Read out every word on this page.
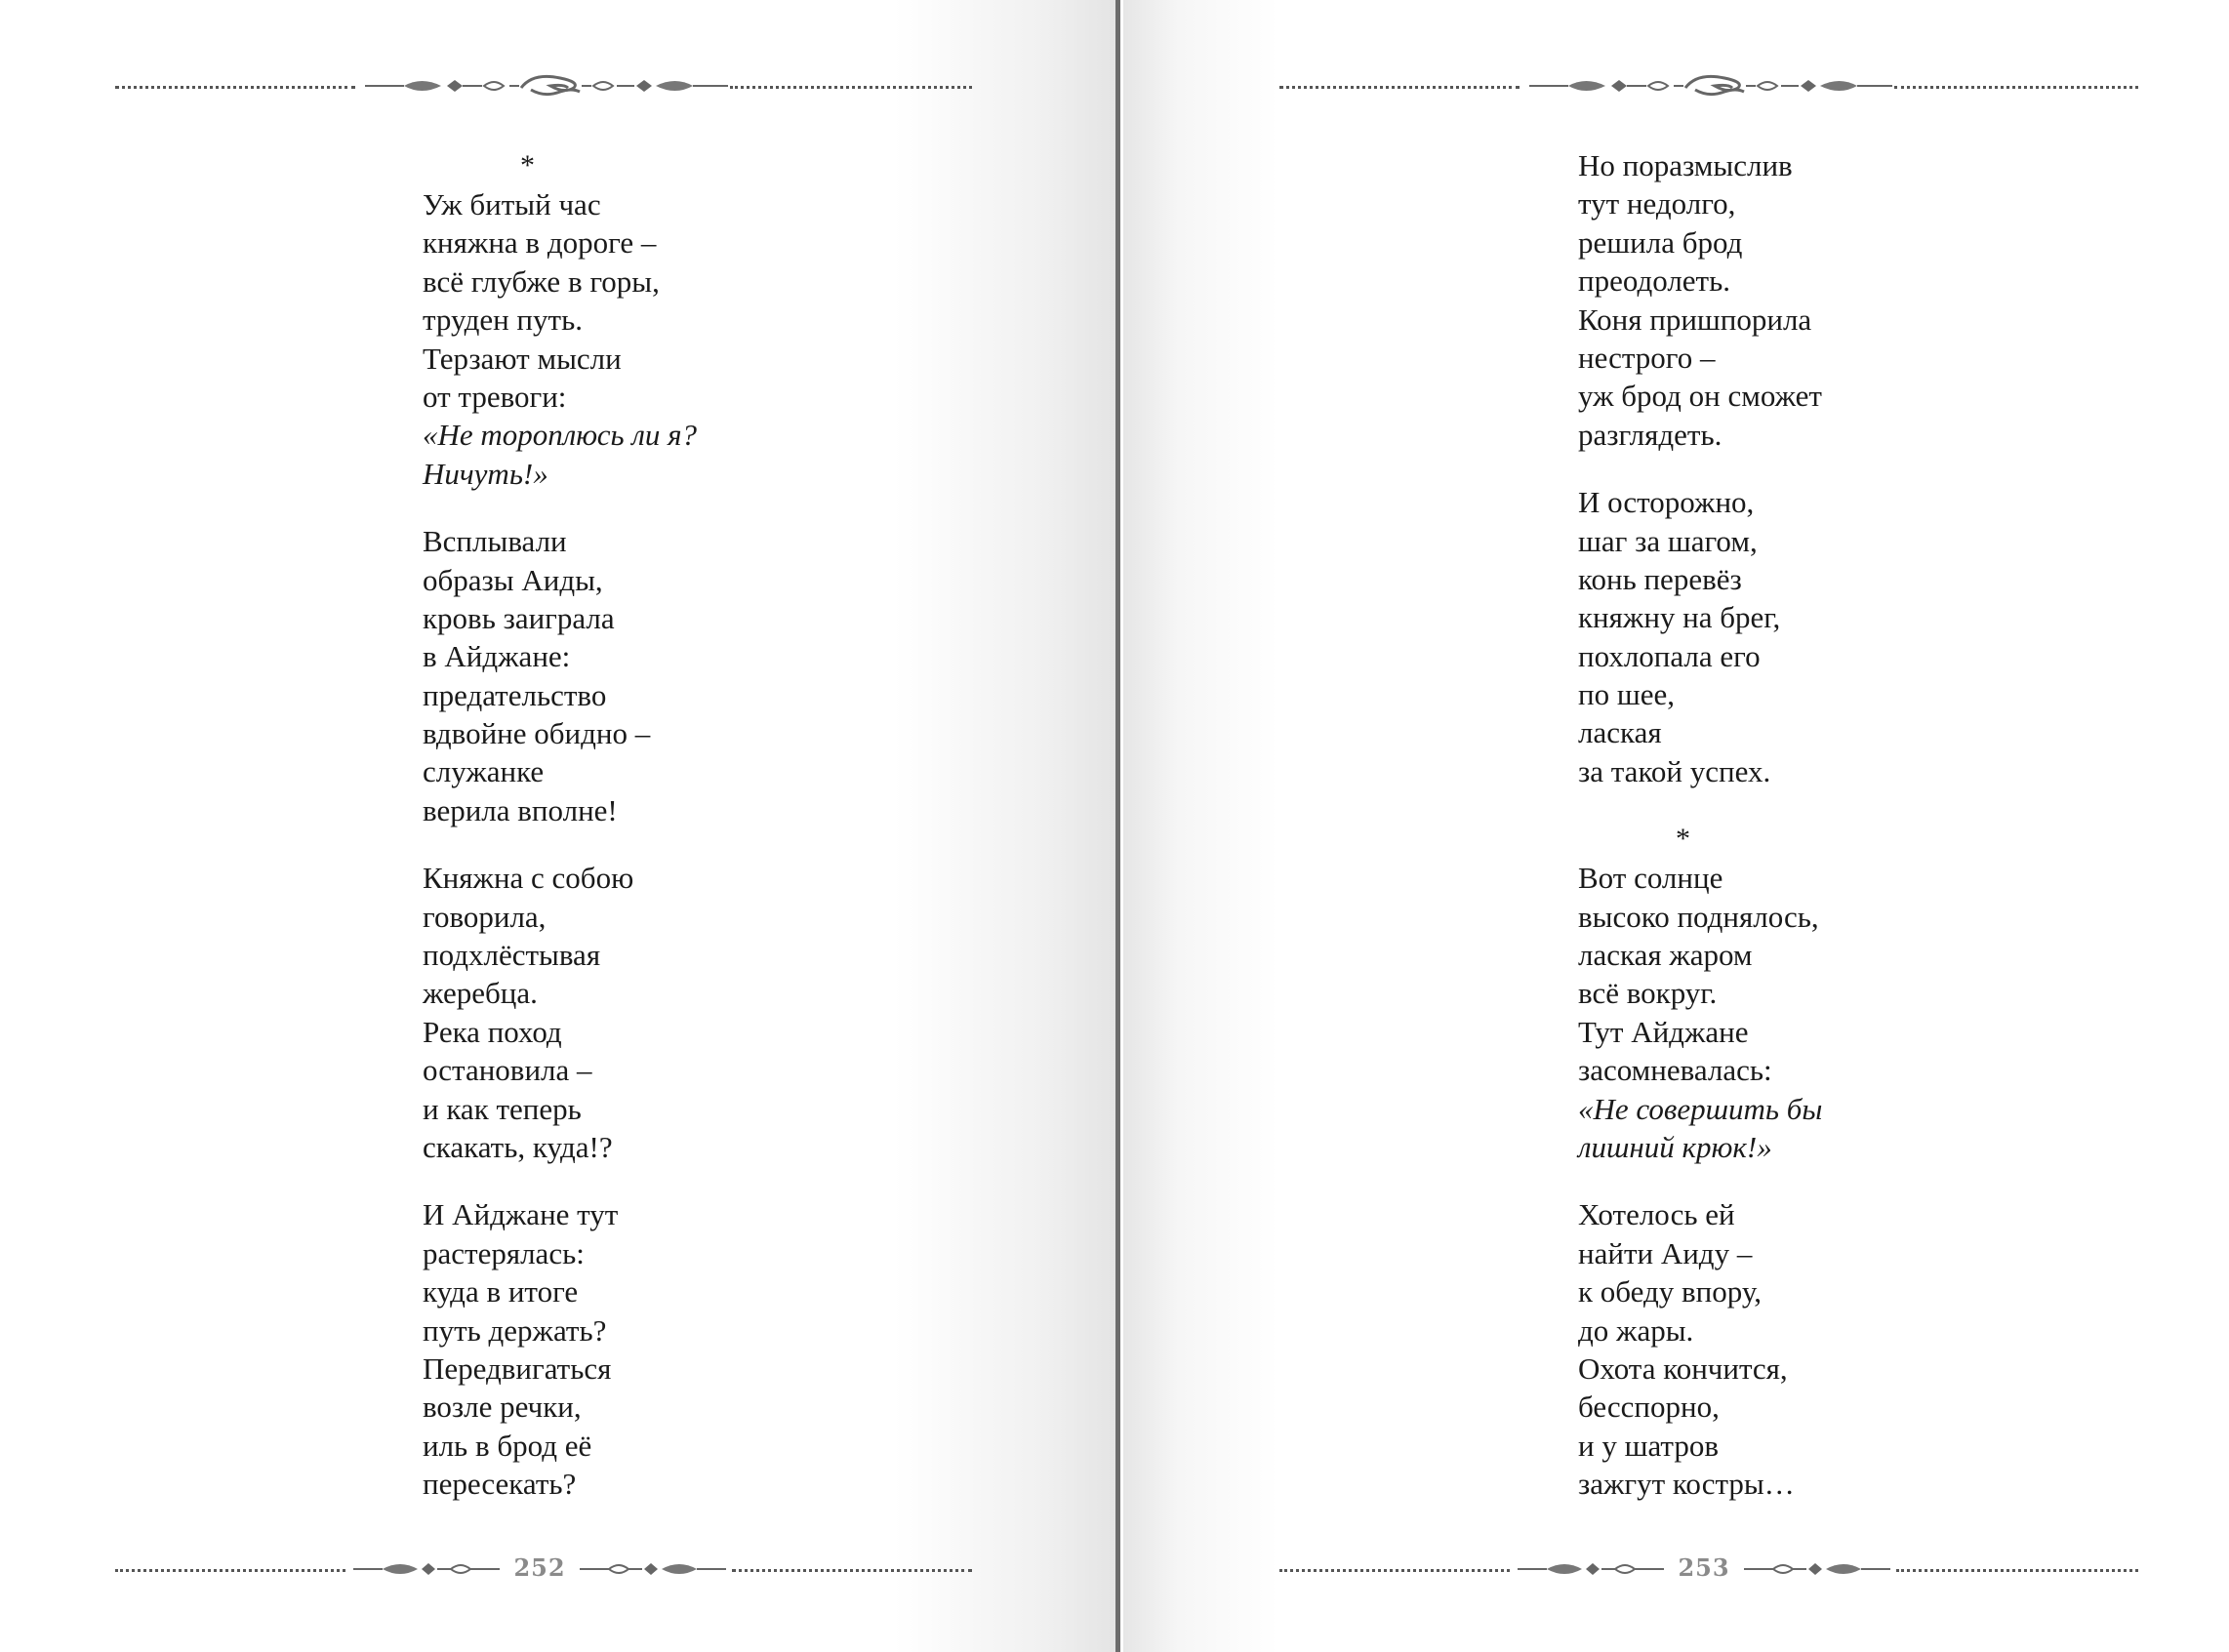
*
Уж битый час
княжна в дороге –
всё глубже в горы,
труден путь.
Терзают мысли
от тревоги:
«Не тороплюсь ли я?
Ничуть!»
Всплывали
образы Аиды,
кровь заиграла
в Айджане:
предательство
вдвойне обидно –
служанке
верила вполне!
Княжна с собою
говорила,
подхлёстывая
жеребца.
Река поход
остановила –
и как теперь
скакать, куда!?
И Айджане тут
растерялась:
куда в итоге
путь держать?
Передвигаться
возле речки,
иль в брод её
пересекать?
252
Но поразмыслив
тут недолго,
решила брод
преодолеть.
Коня пришпорила
нестрого –
уж брод он сможет
разглядеть.
И осторожно,
шаг за шагом,
конь перевёз
княжну на брег,
похлопала его
по шее,
лаская
за такой успех.
*
Вот солнце
высоко поднялось,
лаская жаром
всё вокруг.
Тут Айджане
засомневалась:
«Не совершить бы
лишний крюк!»
Хотелось ей
найти Аиду –
к обеду впору,
до жары.
Охота кончится,
бесспорно,
и у шатров
зажгут костры…
253
